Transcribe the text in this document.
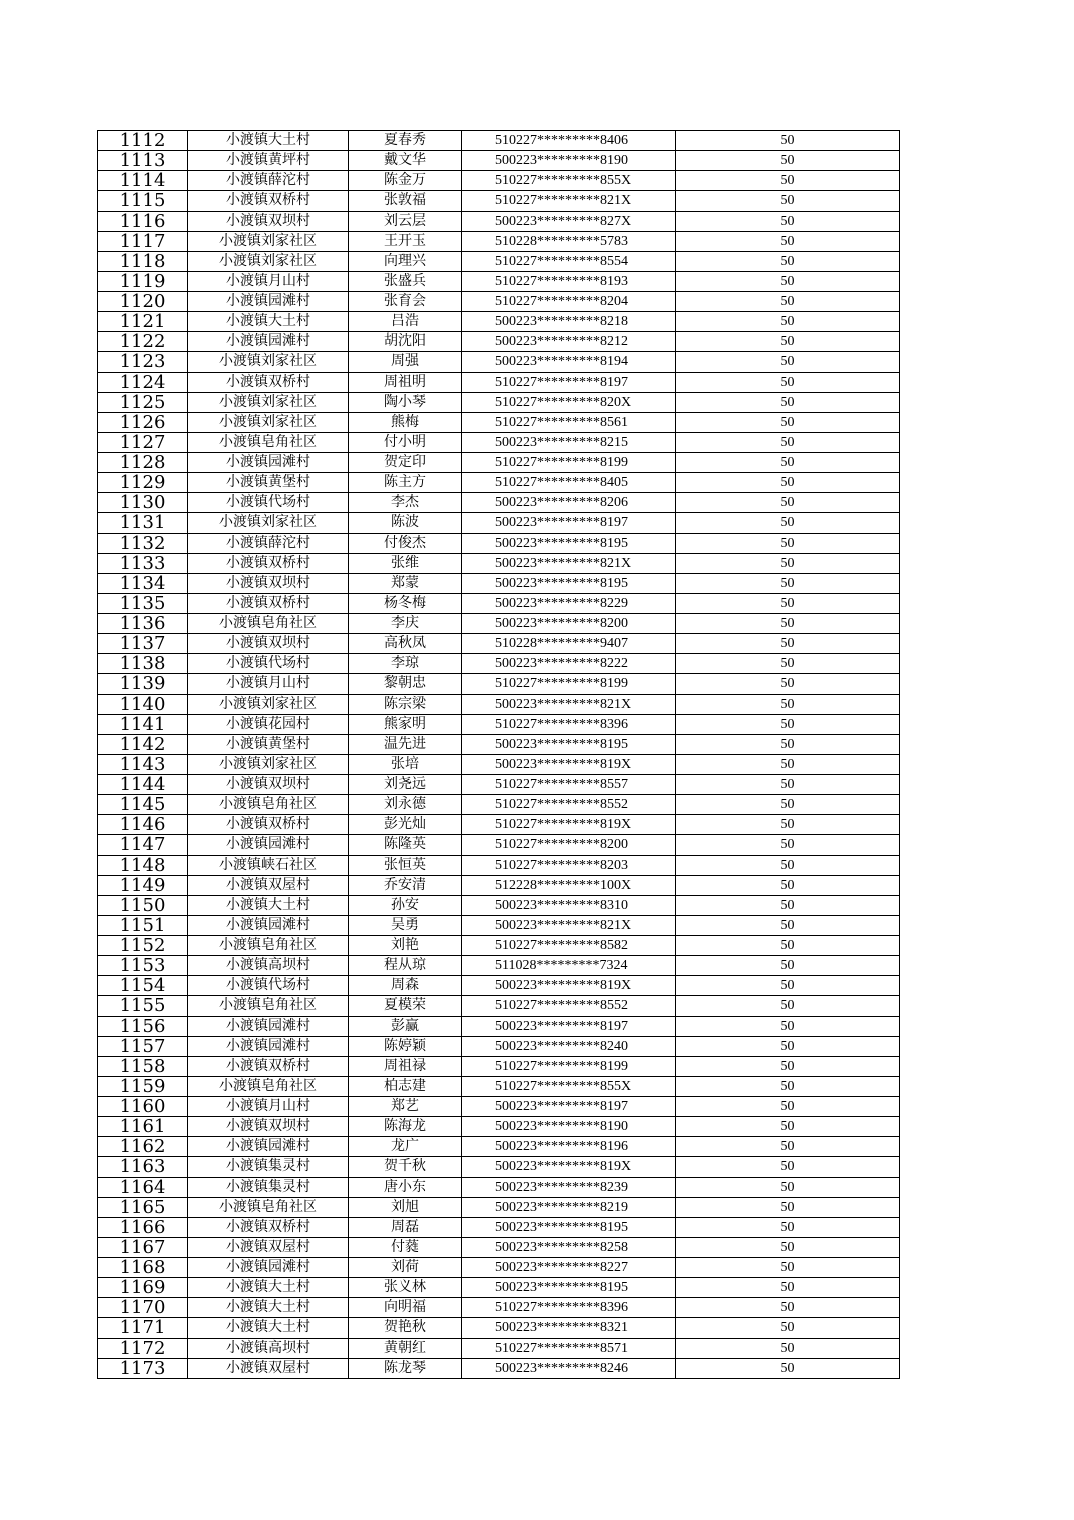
1112	小渡镇大土村	夏春秀	510227*********8406	50
1113	小渡镇黄坪村	戴文华	500223*********8190	50
1114	小渡镇薛沱村	陈金万	510227*********855X	50
1115	小渡镇双桥村	张敦福	510227*********821X	50
1116	小渡镇双坝村	刘云层	500223*********827X	50
1117	小渡镇刘家社区	王开玉	510228*********5783	50
1118	小渡镇刘家社区	向理兴	510227*********8554	50
1119	小渡镇月山村	张盛兵	510227*********8193	50
1120	小渡镇园滩村	张育会	510227*********8204	50
1121	小渡镇大土村	吕浩	500223*********8218	50
1122	小渡镇园滩村	胡沈阳	500223*********8212	50
1123	小渡镇刘家社区	周强	500223*********8194	50
1124	小渡镇双桥村	周祖明	510227*********8197	50
1125	小渡镇刘家社区	陶小琴	510227*********820X	50
1126	小渡镇刘家社区	熊梅	510227*********8561	50
1127	小渡镇皂角社区	付小明	500223*********8215	50
1128	小渡镇园滩村	贺定印	510227*********8199	50
1129	小渡镇黄堡村	陈主方	510227*********8405	50
1130	小渡镇代场村	李杰	500223*********8206	50
1131	小渡镇刘家社区	陈波	500223*********8197	50
1132	小渡镇薛沱村	付俊杰	500223*********8195	50
1133	小渡镇双桥村	张维	500223*********821X	50
1134	小渡镇双坝村	郑蒙	500223*********8195	50
1135	小渡镇双桥村	杨冬梅	500223*********8229	50
1136	小渡镇皂角社区	李庆	500223*********8200	50
1137	小渡镇双坝村	高秋凤	510228*********9407	50
1138	小渡镇代场村	李琼	500223*********8222	50
1139	小渡镇月山村	黎朝忠	510227*********8199	50
1140	小渡镇刘家社区	陈宗梁	500223*********821X	50
1141	小渡镇花园村	熊家明	510227*********8396	50
1142	小渡镇黄堡村	温先进	500223*********8195	50
1143	小渡镇刘家社区	张培	500223*********819X	50
1144	小渡镇双坝村	刘尧远	510227*********8557	50
1145	小渡镇皂角社区	刘永德	510227*********8552	50
1146	小渡镇双桥村	彭光灿	510227*********819X	50
1147	小渡镇园滩村	陈隆英	510227*********8200	50
1148	小渡镇峡石社区	张恒英	510227*********8203	50
1149	小渡镇双屋村	乔安清	512228*********100X	50
1150	小渡镇大土村	孙安	500223*********8310	50
1151	小渡镇园滩村	吴勇	500223*********821X	50
1152	小渡镇皂角社区	刘艳	510227*********8582	50
1153	小渡镇高坝村	程从琼	511028*********7324	50
1154	小渡镇代场村	周森	500223*********819X	50
1155	小渡镇皂角社区	夏模荣	510227*********8552	50
1156	小渡镇园滩村	彭赢	500223*********8197	50
1157	小渡镇园滩村	陈婷颖	500223*********8240	50
1158	小渡镇双桥村	周祖禄	510227*********8199	50
1159	小渡镇皂角社区	柏志建	510227*********855X	50
1160	小渡镇月山村	郑艺	500223*********8197	50
1161	小渡镇双坝村	陈海龙	500223*********8190	50
1162	小渡镇园滩村	龙广	500223*********8196	50
1163	小渡镇集灵村	贺千秋	500223*********819X	50
1164	小渡镇集灵村	唐小东	500223*********8239	50
1165	小渡镇皂角社区	刘旭	500223*********8219	50
1166	小渡镇双桥村	周磊	500223*********8195	50
1167	小渡镇双屋村	付蕤	500223*********8258	50
1168	小渡镇园滩村	刘荷	500223*********8227	50
1169	小渡镇大土村	张义林	500223*********8195	50
1170	小渡镇大土村	向明福	510227*********8396	50
1171	小渡镇大土村	贺艳秋	500223*********8321	50
1172	小渡镇高坝村	黄朝红	510227*********8571	50
1173	小渡镇双屋村	陈龙琴	500223*********8246	50
